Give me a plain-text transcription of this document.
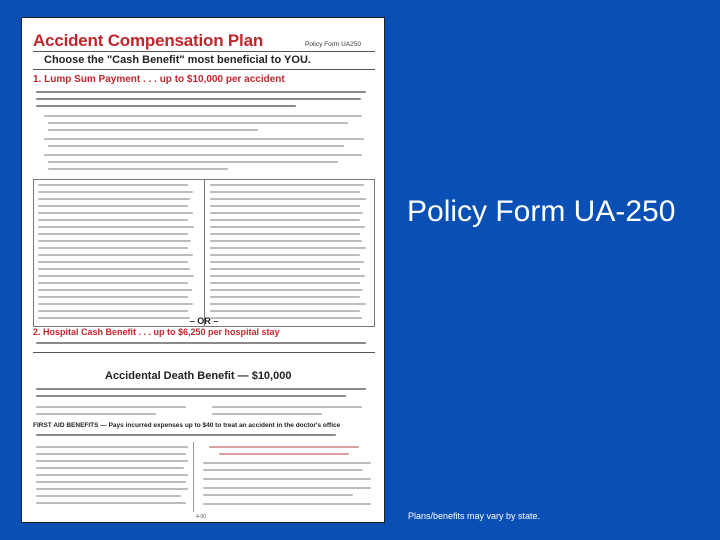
Accident Compensation Plan	Policy Form UA250
Choose the "Cash Benefit" most beneficial to YOU.
1. Lump Sum Payment . . . up to $10,000 per accident
– OR –
2. Hospital Cash Benefit . . . up to $6,250 per hospital stay
Accidental Death Benefit — $10,000
FIRST AID BENEFITS — Pays incurred expenses up to $40 to treat an accident in the doctor's office
4-00
Policy Form UA-250
Plans/benefits may vary by state.
